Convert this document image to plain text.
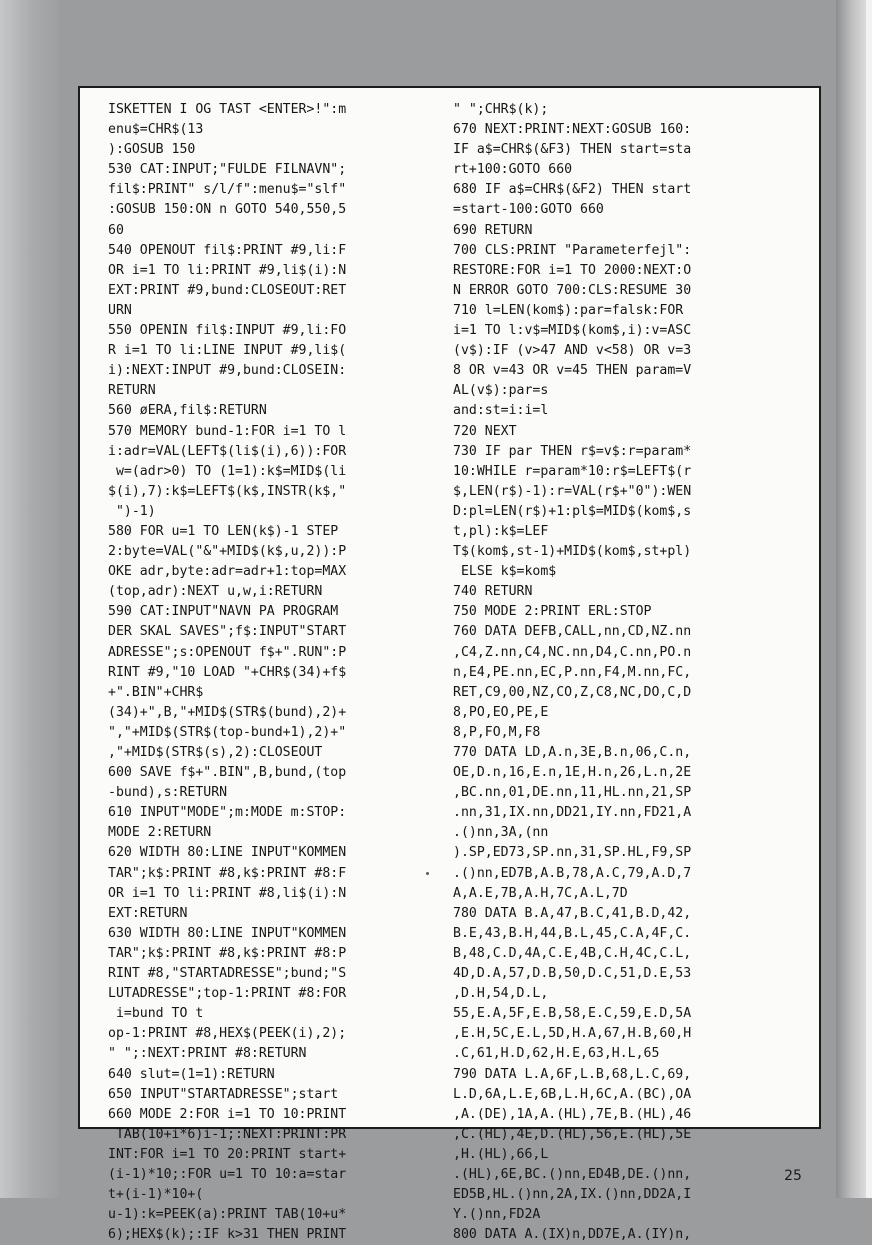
ISKETTEN I OG TAST <ENTER>!":m
enu$=CHR$(13
):GOSUB 150
530 CAT:INPUT;"FULDE FILNAVN";
fil$:PRINT" s/l/f":menu$="slf"
:GOSUB 150:ON n GOTO 540,550,5
60
540 OPENOUT fil$:PRINT #9,li:F
OR i=1 TO li:PRINT #9,li$(i):N
EXT:PRINT #9,bund:CLOSEOUT:RET
URN
550 OPENIN fil$:INPUT #9,li:FO
R i=1 TO li:LINE INPUT #9,li$(
i):NEXT:INPUT #9,bund:CLOSEIN:
RETURN
560 øERA,fil$:RETURN
570 MEMORY bund-1:FOR i=1 TO l
i:adr=VAL(LEFT$(li$(i),6)):FOR
w=(adr>0) TO (1=1):k$=MID$(li
$(i),7):k$=LEFT$(k$,INSTR(k$,"
")-1)
580 FOR u=1 TO LEN(k$)-1 STEP
2:byte=VAL("&"+MID$(k$,u,2)):P
OKE adr,byte:adr=adr+1:top=MAX
(top,adr):NEXT u,w,i:RETURN
590 CAT:INPUT"NAVN PA PROGRAM
DER SKAL SAVES";f$:INPUT"START
ADRESSE";s:OPENOUT f$+".RUN":P
RINT #9,"10 LOAD "+CHR$(34)+f$
+".BIN"+CHR$
(34)+",B,"+MID$(STR$(bund),2)+
","+MID$(STR$(top-bund+1),2)+"
,"+MID$(STR$(s),2):CLOSEOUT
600 SAVE f$+".BIN",B,bund,(top
-bund),s:RETURN
610 INPUT"MODE";m:MODE m:STOP:
MODE 2:RETURN
620 WIDTH 80:LINE INPUT"KOMMEN
TAR";k$:PRINT #8,k$:PRINT #8:F
OR i=1 TO li:PRINT #8,li$(i):N
EXT:RETURN
630 WIDTH 80:LINE INPUT"KOMMEN
TAR";k$:PRINT #8,k$:PRINT #8:P
RINT #8,"STARTADRESSE";bund;"S
LUTADRESSE";top-1:PRINT #8:FOR
i=bund TO t
op-1:PRINT #8,HEX$(PEEK(i),2);
" ";:NEXT:PRINT #8:RETURN
640 slut=(1=1):RETURN
650 INPUT"STARTADRESSE";start
660 MODE 2:FOR i=1 TO 10:PRINT
TAB(10+i*6)i-1;:NEXT:PRINT:PR
INT:FOR i=1 TO 20:PRINT start+
(i-1)*10;:FOR u=1 TO 10:a=star
t+(i-1)*10+(
u-1):k=PEEK(a):PRINT TAB(10+u*
6);HEX$(k);:IF k>31 THEN PRINT
" ";CHR$(k);
670 NEXT:PRINT:NEXT:GOSUB 160:
IF a$=CHR$(&F3) THEN start=sta
rt+100:GOTO 660
680 IF a$=CHR$(&F2) THEN start
=start-100:GOTO 660
690 RETURN
700 CLS:PRINT "Parameterfejl":
RESTORE:FOR i=1 TO 2000:NEXT:O
N ERROR GOTO 700:CLS:RESUME 30
710 l=LEN(kom$):par=falsk:FOR
i=1 TO l:v$=MID$(kom$,i):v=ASC
(v$):IF (v>47 AND v<58) OR v=3
8 OR v=43 OR v=45 THEN param=V
AL(v$):par=s
and:st=i:i=l
720 NEXT
730 IF par THEN r$=v$:r=param*
10:WHILE r=param*10:r$=LEFT$(r
$,LEN(r$)-1):r=VAL(r$+"0"):WEN
D:pl=LEN(r$)+1:pl$=MID$(kom$,s
t,pl):k$=LEF
T$(kom$,st-1)+MID$(kom$,st+pl)
ELSE k$=kom$
740 RETURN
750 MODE 2:PRINT ERL:STOP
760 DATA DEFB,CALL,nn,CD,NZ.nn
,C4,Z.nn,C4,NC.nn,D4,C.nn,PO.n
n,E4,PE.nn,EC,P.nn,F4,M.nn,FC,
RET,C9,00,NZ,CO,Z,C8,NC,DO,C,D
8,PO,EO,PE,E
8,P,FO,M,F8
770 DATA LD,A.n,3E,B.n,06,C.n,
OE,D.n,16,E.n,1E,H.n,26,L.n,2E
,BC.nn,01,DE.nn,11,HL.nn,21,SP
.nn,31,IX.nn,DD21,IY.nn,FD21,A
.()nn,3A,(nn
).SP,ED73,SP.nn,31,SP.HL,F9,SP
.()nn,ED7B,A.B,78,A.C,79,A.D,7
A,A.E,7B,A.H,7C,A.L,7D
780 DATA B.A,47,B.C,41,B.D,42,
B.E,43,B.H,44,B.L,45,C.A,4F,C.
B,48,C.D,4A,C.E,4B,C.H,4C,C.L,
4D,D.A,57,D.B,50,D.C,51,D.E,53
,D.H,54,D.L,
55,E.A,5F,E.B,58,E.C,59,E.D,5A
,E.H,5C,E.L,5D,H.A,67,H.B,60,H
.C,61,H.D,62,H.E,63,H.L,65
790 DATA L.A,6F,L.B,68,L.C,69,
L.D,6A,L.E,6B,L.H,6C,A.(BC),OA
,A.(DE),1A,A.(HL),7E,B.(HL),46
,C.(HL),4E,D.(HL),56,E.(HL),5E
,H.(HL),66,L
.(HL),6E,BC.()nn,ED4B,DE.()nn,
ED5B,HL.()nn,2A,IX.()nn,DD2A,I
Y.()nn,FD2A
800 DATA A.(IX)n,DD7E,A.(IY)n,
25
